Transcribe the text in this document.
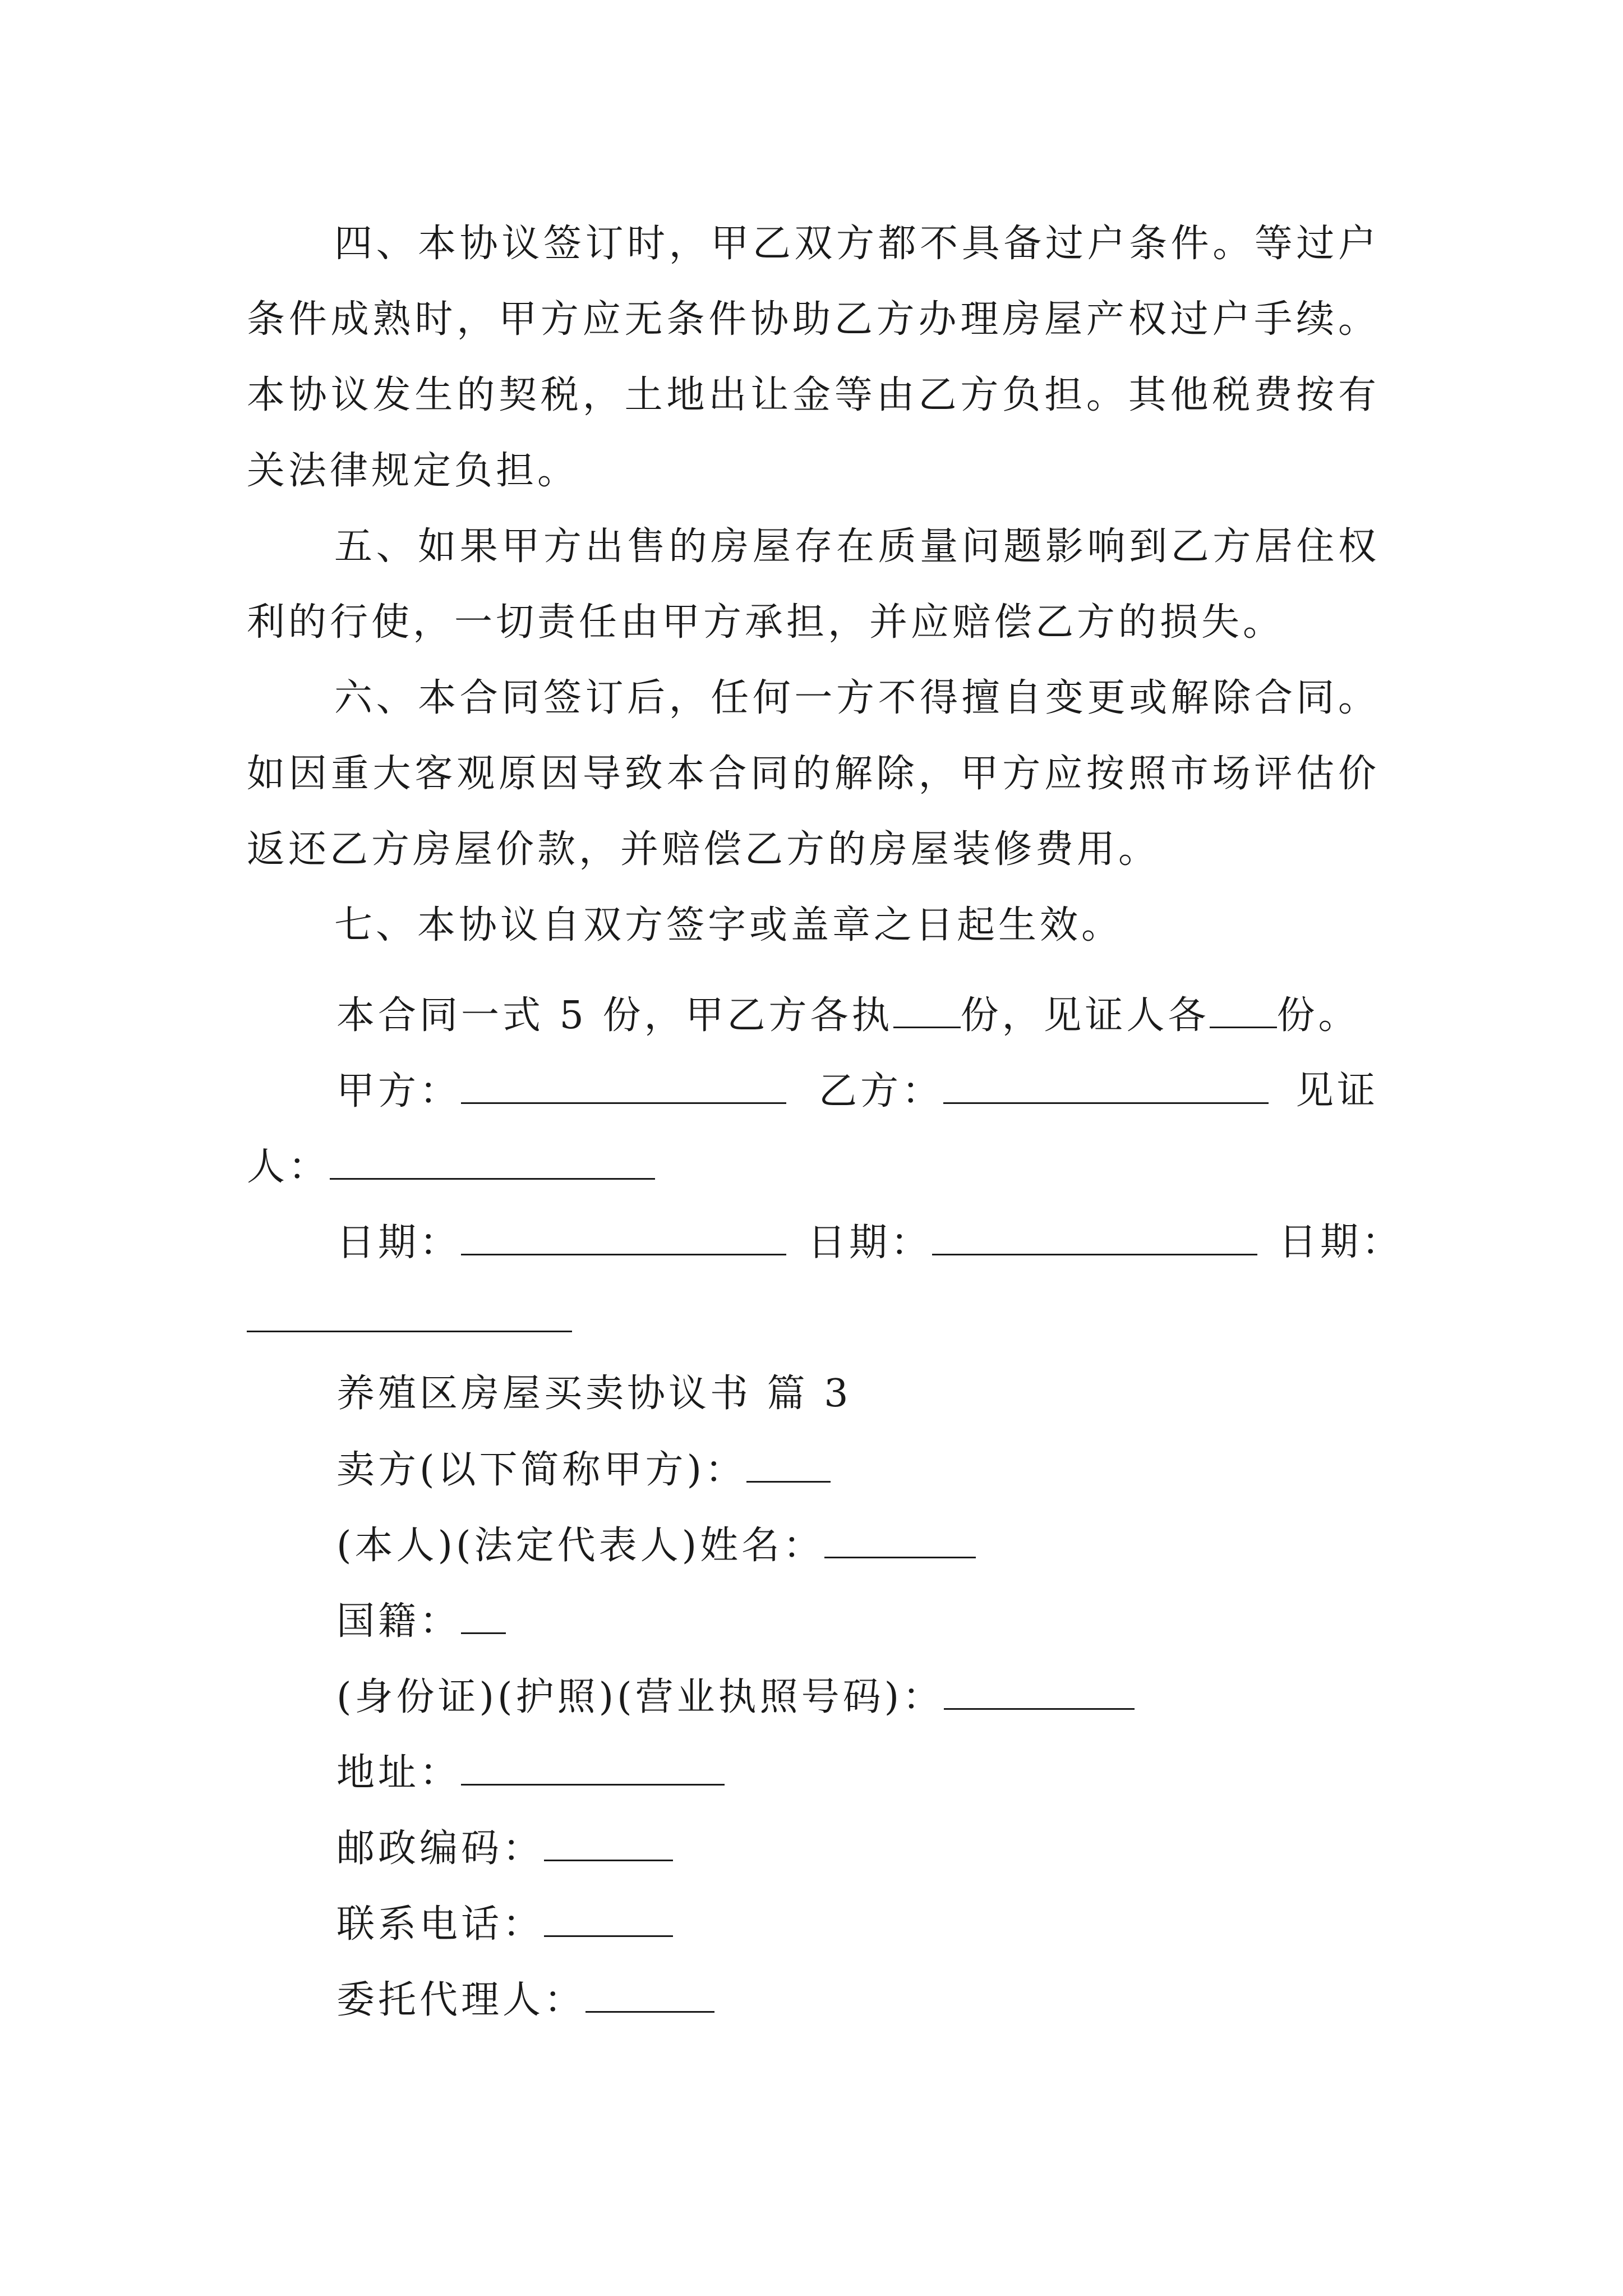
四、本协议签订时，甲乙双方都不具备过户条件。等过户条件成熟时，甲方应无条件协助乙方办理房屋产权过户手续。本协议发生的契税，土地出让金等由乙方负担。其他税费按有关法律规定负担。

五、如果甲方出售的房屋存在质量问题影响到乙方居住权利的行使，一切责任由甲方承担，并应赔偿乙方的损失。

六、本合同签订后，任何一方不得擅自变更或解除合同。如因重大客观原因导致本合同的解除，甲方应按照市场评估价返还乙方房屋价款，并赔偿乙方的房屋装修费用。

七、本协议自双方签字或盖章之日起生效。

本合同一式 5 份，甲乙方各执 份，见证人各 份。

甲方：	乙方：	见证

人：

日期：	日期：	日期：

养殖区房屋买卖协议书 篇 3

卖方(以下简称甲方)：

(本人)(法定代表人)姓名：

国籍：

(身份证)(护照)(营业执照号码)：

地址：

邮政编码：

联系电话：

委托代理人：
